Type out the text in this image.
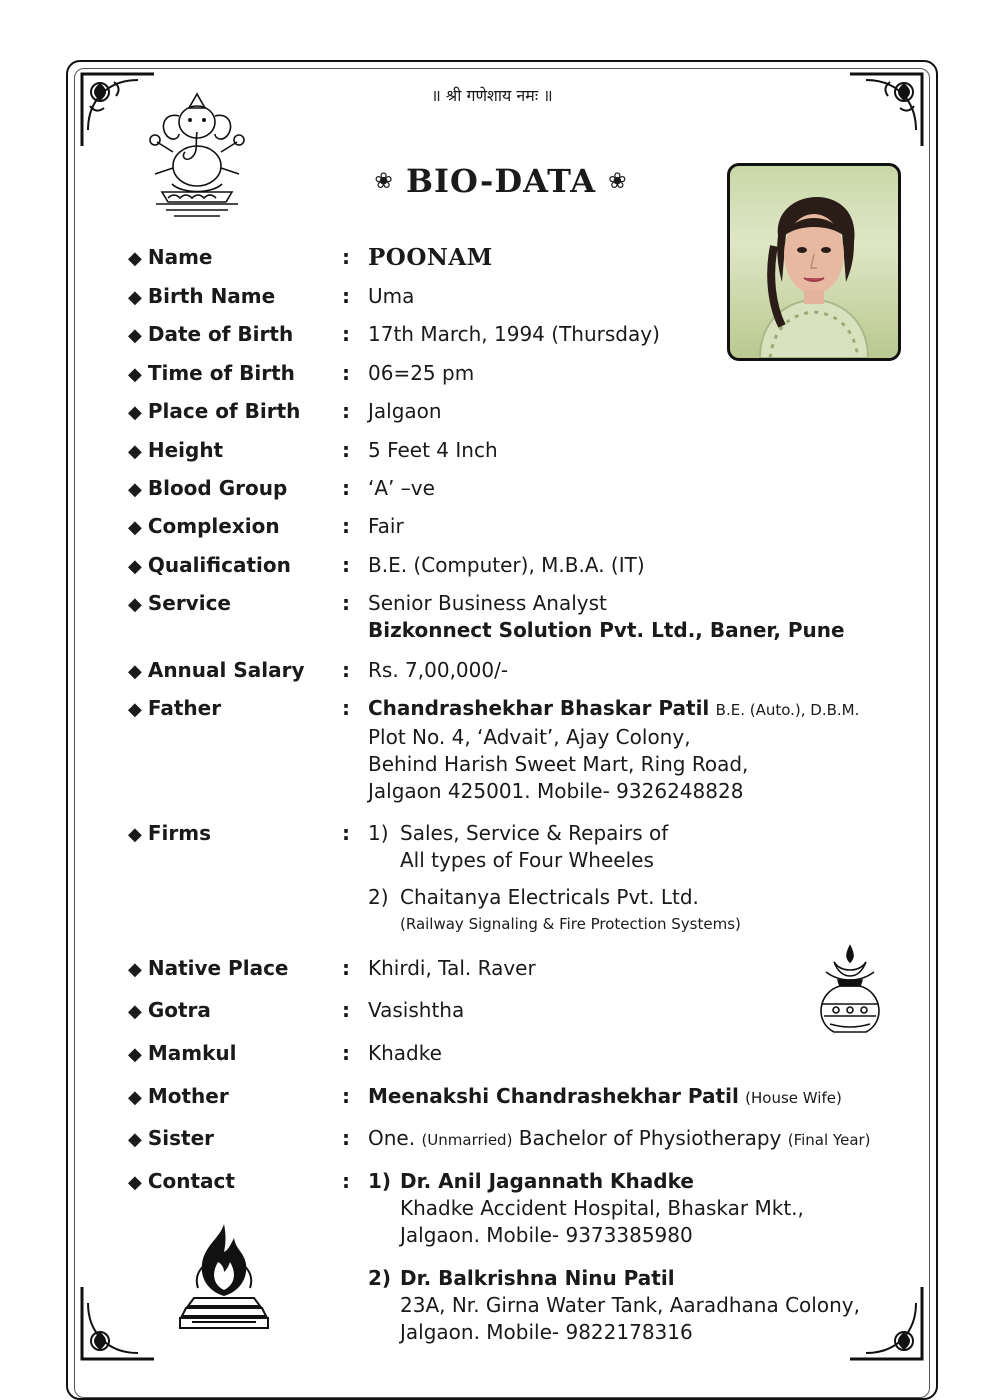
॥ श्री गणेशाय नमः ॥
❀ BIO-DATA ❀
◆ Name	: POONAM
◆ Birth Name	: Uma
◆ Date of Birth : 17th March, 1994 (Thursday)
◆ Time of Birth : 06=25 pm
◆ Place of Birth : Jalgaon
◆ Height	: 5 Feet 4 Inch
◆ Blood Group	: ‘A’ –ve
◆ Complexion	: Fair
◆ Qualification	: B.E. (Computer), M.B.A. (IT)
◆ Service	: Senior Business Analyst
Bizkonnect Solution Pvt. Ltd., Baner, Pune
◆ Annual Salary : Rs. 7,00,000/-
◆ Father	: Chandrashekhar Bhaskar Patil B.E. (Auto.), D.B.M.
Plot No. 4, ‘Advait’, Ajay Colony,
Behind Harish Sweet Mart, Ring Road,
Jalgaon 425001. Mobile- 9326248828
◆ Firms	: 1) Sales, Service & Repairs of
All types of Four Wheeles
2) Chaitanya Electricals Pvt. Ltd.
(Railway Signaling & Fire Protection Systems)
◆ Native Place	: Khirdi, Tal. Raver
◆ Gotra	: Vasishtha
◆ Mamkul	: Khadke
◆ Mother	: Meenakshi Chandrashekhar Patil (House Wife)
◆ Sister	: One. (Unmarried) Bachelor of Physiotherapy (Final Year)
◆ Contact	: 1) Dr. Anil Jagannath Khadke
Khadke Accident Hospital, Bhaskar Mkt.,
Jalgaon. Mobile- 9373385980
2) Dr. Balkrishna Ninu Patil
23A, Nr. Girna Water Tank, Aaradhana Colony,
Jalgaon. Mobile- 9822178316
